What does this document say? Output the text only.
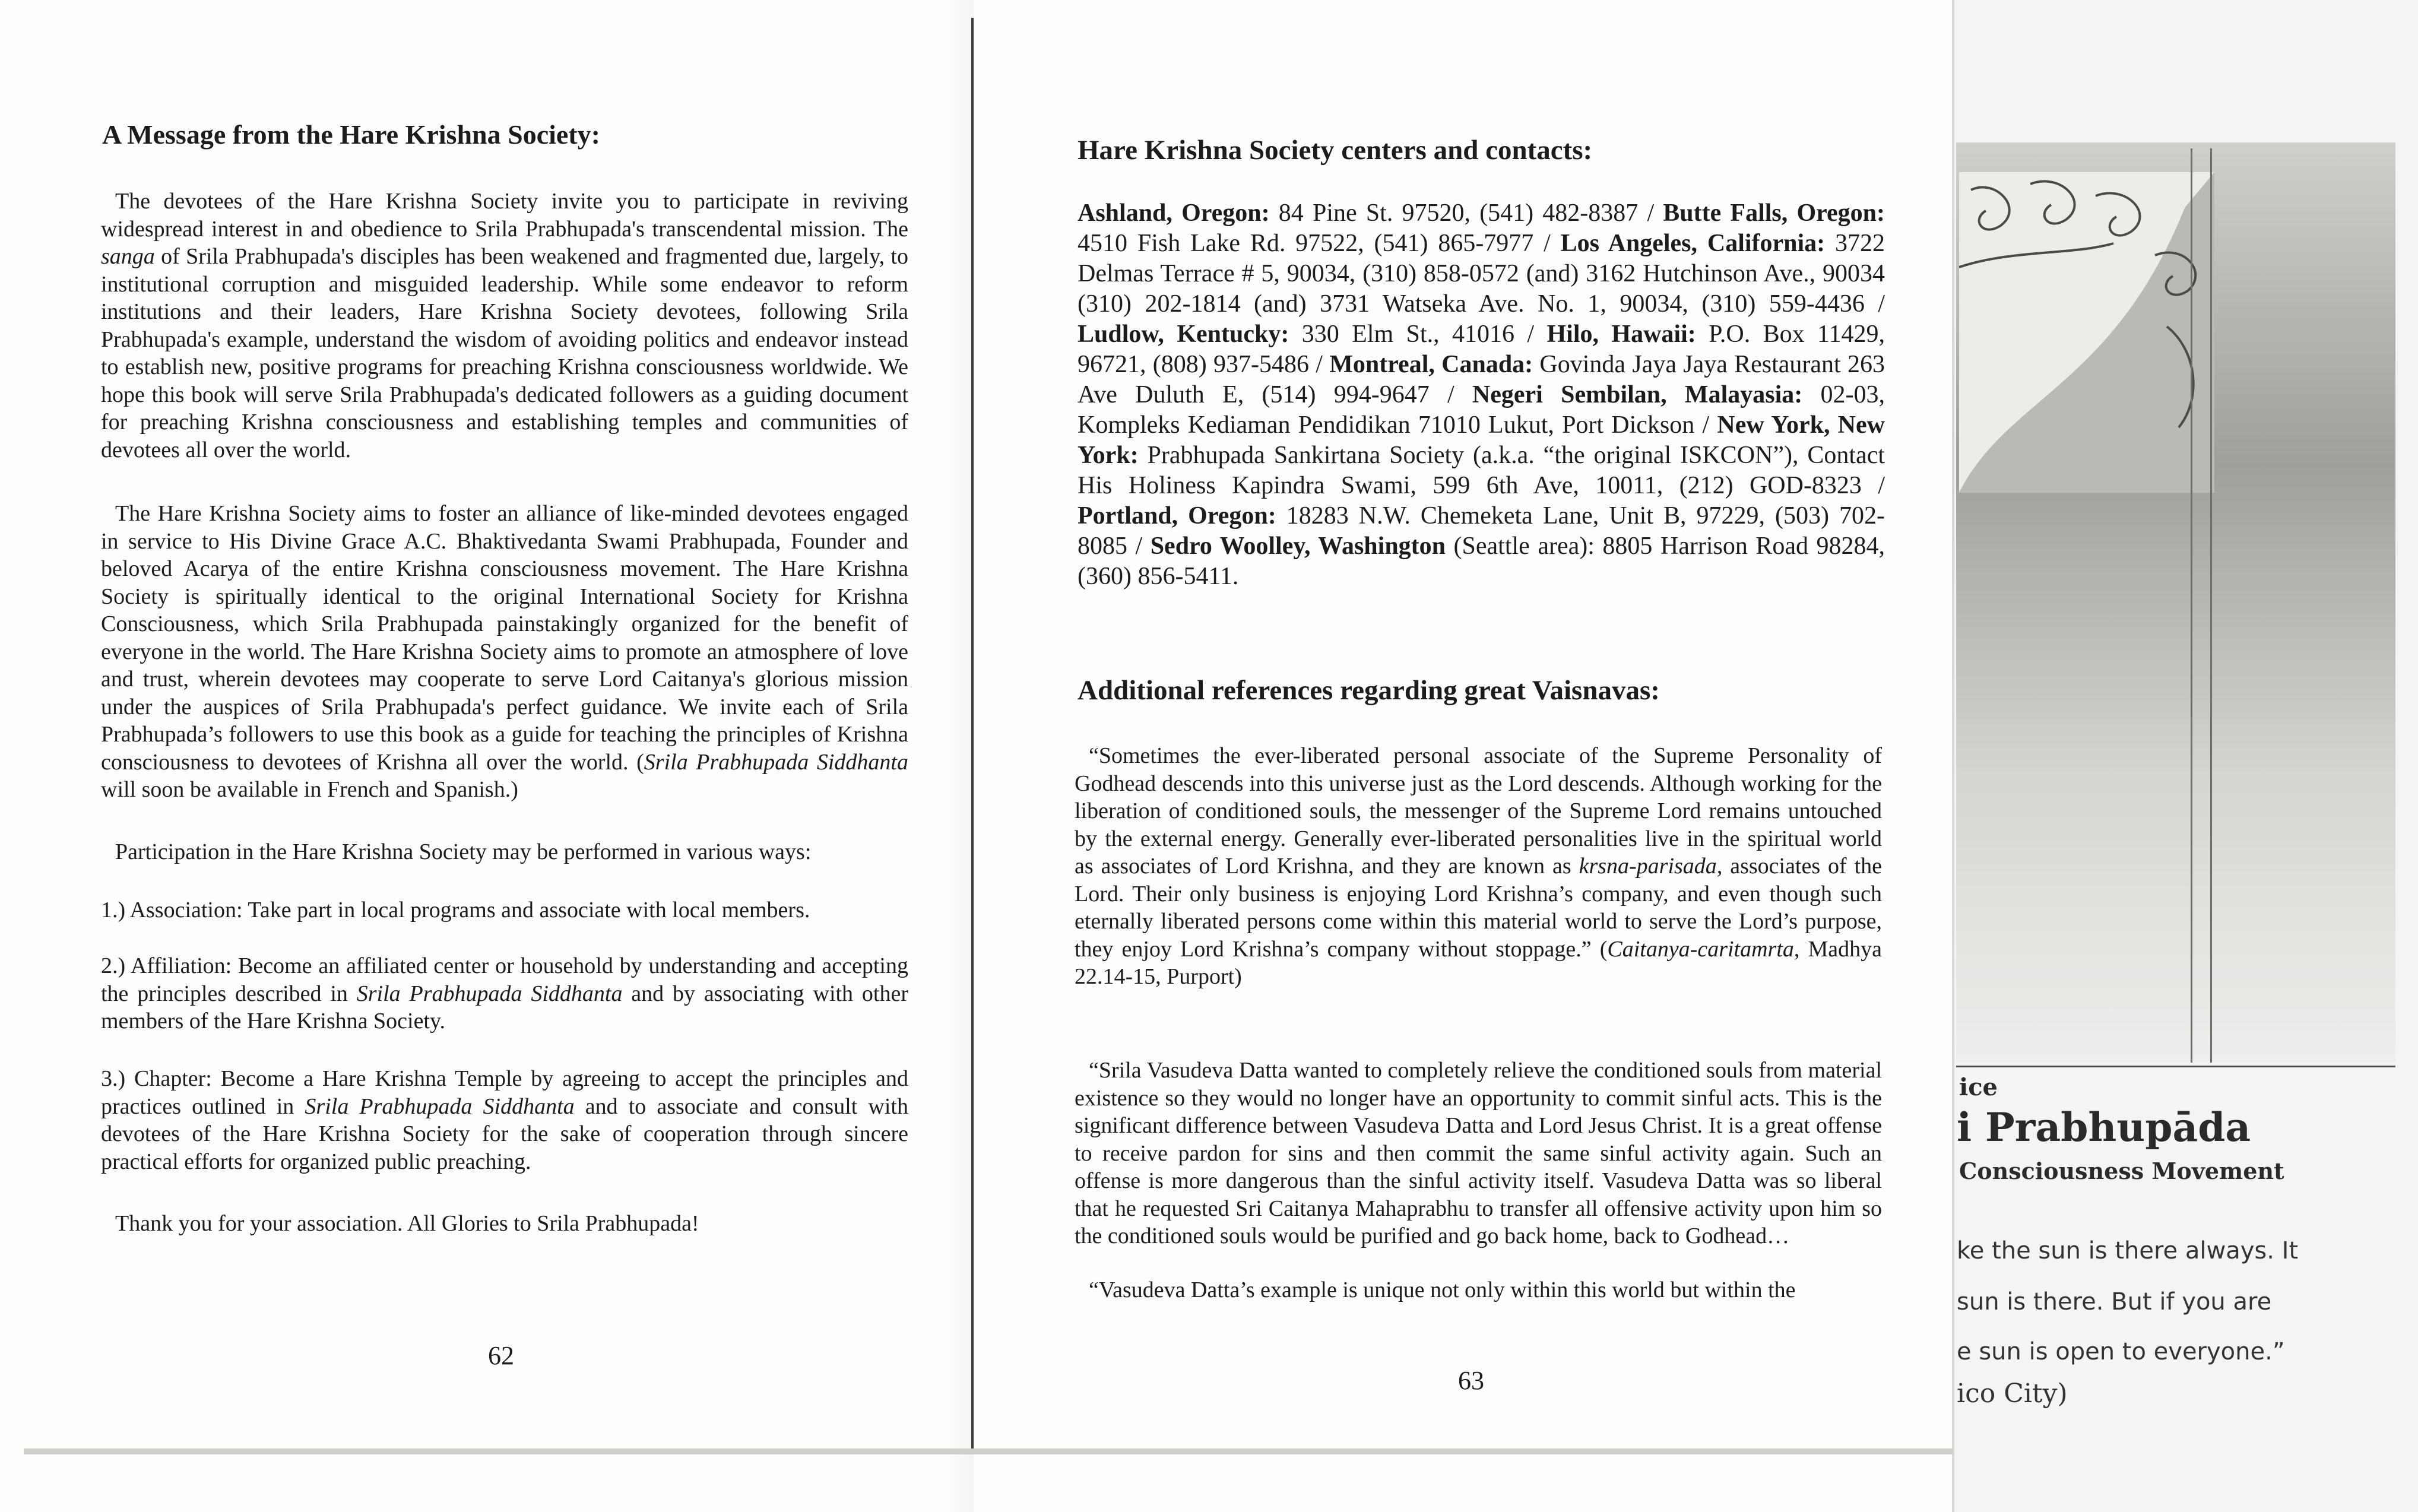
A Message from the Hare Krishna Society:

The devotees of the Hare Krishna Society invite you to participate in reviving widespread interest in and obedience to Srila Prabhupada's transcendental mission. The sanga of Srila Prabhupada's disciples has been weakened and fragmented due, largely, to institutional corruption and misguided leadership. While some endeavor to reform institutions and their leaders, Hare Krishna Society devotees, following Srila Prabhupada's example, understand the wisdom of avoiding politics and endeavor instead to establish new, positive programs for preaching Krishna consciousness worldwide. We hope this book will serve Srila Prabhupada's dedicated followers as a guiding document for preaching Krishna consciousness and establishing temples and communities of devotees all over the world.

The Hare Krishna Society aims to foster an alliance of like-minded devotees engaged in service to His Divine Grace A.C. Bhaktivedanta Swami Prabhupada, Founder and beloved Acarya of the entire Krishna consciousness movement. The Hare Krishna Society is spiritually identical to the original International Society for Krishna Consciousness, which Srila Prabhupada painstakingly organized for the benefit of everyone in the world. The Hare Krishna Society aims to promote an atmosphere of love and trust, wherein devotees may cooperate to serve Lord Caitanya's glorious mission under the auspices of Srila Prabhupada's perfect guidance. We invite each of Srila Prabhupada’s followers to use this book as a guide for teaching the principles of Krishna consciousness to devotees of Krishna all over the world. (Srila Prabhupada Siddhanta will soon be available in French and Spanish.)

Participation in the Hare Krishna Society may be performed in various ways:

1.) Association: Take part in local programs and associate with local members.

2.) Affiliation: Become an affiliated center or household by understanding and accepting the principles described in Srila Prabhupada Siddhanta and by associating with other members of the Hare Krishna Society.

3.) Chapter: Become a Hare Krishna Temple by agreeing to accept the principles and practices outlined in Srila Prabhupada Siddhanta and to associate and consult with devotees of the Hare Krishna Society for the sake of cooperation through sincere practical efforts for organized public preaching.

Thank you for your association. All Glories to Srila Prabhupada!

62
Hare Krishna Society centers and contacts:

Ashland, Oregon: 84 Pine St. 97520, (541) 482-8387 / Butte Falls, Oregon: 4510 Fish Lake Rd. 97522, (541) 865-7977 / Los Angeles, California: 3722 Delmas Terrace # 5, 90034, (310) 858-0572 (and) 3162 Hutchinson Ave., 90034 (310) 202-1814 (and) 3731 Watseka Ave. No. 1, 90034, (310) 559-4436 / Ludlow, Kentucky: 330 Elm St., 41016 / Hilo, Hawaii: P.O. Box 11429, 96721, (808) 937-5486 / Montreal, Canada: Govinda Jaya Jaya Restaurant 263 Ave Duluth E, (514) 994-9647 / Negeri Sembilan, Malayasia: 02-03, Kompleks Kediaman Pendidikan 71010 Lukut, Port Dickson / New York, New York: Prabhupada Sankirtana Society (a.k.a. “the original ISKCON”), Contact His Holiness Kapindra Swami, 599 6th Ave, 10011, (212) GOD-8323 / Portland, Oregon: 18283 N.W. Chemeketa Lane, Unit B, 97229, (503) 702-8085 / Sedro Woolley, Washington (Seattle area): 8805 Harrison Road 98284, (360) 856-5411.

Additional references regarding great Vaisnavas:

“Sometimes the ever-liberated personal associate of the Supreme Personality of Godhead descends into this universe just as the Lord descends. Although working for the liberation of conditioned souls, the messenger of the Supreme Lord remains untouched by the external energy. Generally ever-liberated personalities live in the spiritual world as associates of Lord Krishna, and they are known as krsna-parisada, associates of the Lord. Their only business is enjoying Lord Krishna’s company, and even though such eternally liberated persons come within this material world to serve the Lord’s purpose, they enjoy Lord Krishna’s company without stoppage.” (Caitanya-caritamrta, Madhya 22.14-15, Purport)

“Srila Vasudeva Datta wanted to completely relieve the conditioned souls from material existence so they would no longer have an opportunity to commit sinful acts. This is the significant difference between Vasudeva Datta and Lord Jesus Christ. It is a great offense to receive pardon for sins and then commit the same sinful activity again. Such an offense is more dangerous than the sinful activity itself. Vasudeva Datta was so liberal that he requested Sri Caitanya Mahaprabhu to transfer all offensive activity upon him so the conditioned souls would be purified and go back home, back to Godhead…

“Vasudeva Datta’s example is unique not only within this world but within the

63
ice
i Prabhupāda
Consciousness Movement
ke the sun is there always. It
sun is there. But if you are
e sun is open to everyone.”
ico City)
